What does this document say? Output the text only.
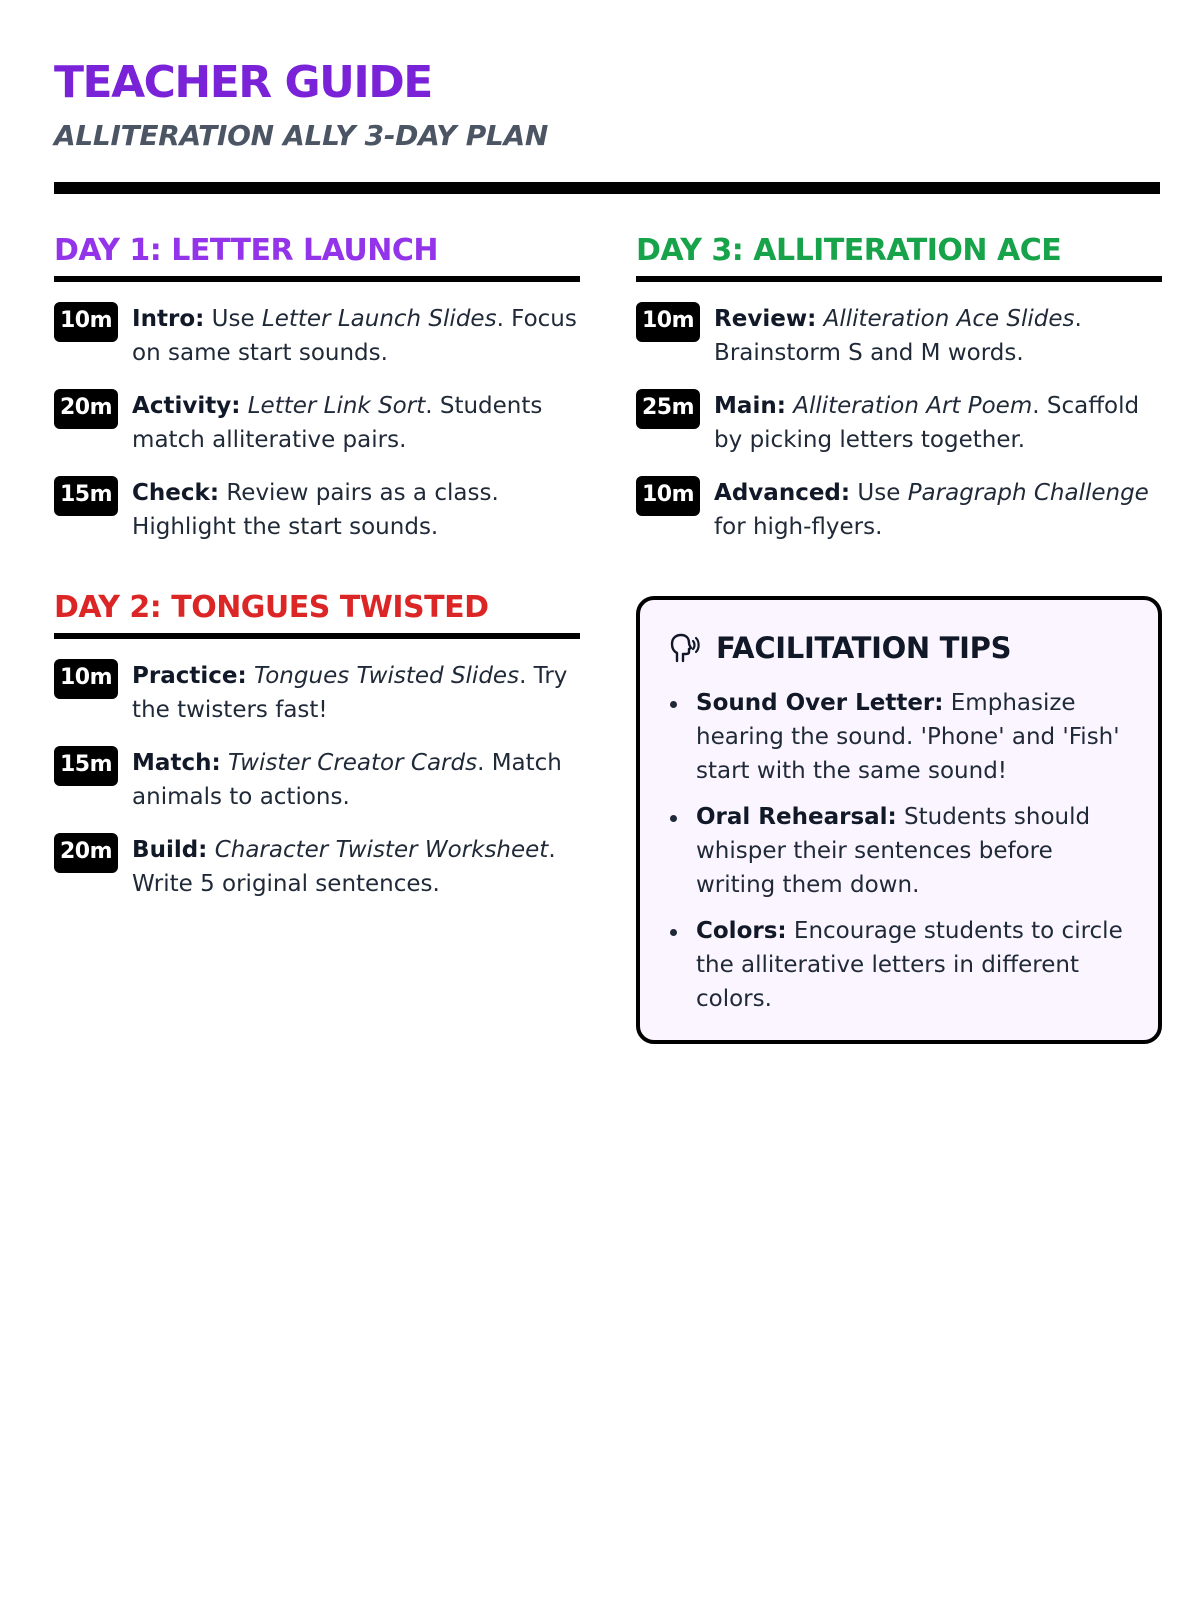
TEACHER GUIDE
ALLITERATION ALLY 3-DAY PLAN
DAY 1: LETTER LAUNCH
10m Intro: Use Letter Launch Slides. Focus on same start sounds.
20m Activity: Letter Link Sort. Students match alliterative pairs.
15m Check: Review pairs as a class. Highlight the start sounds.
DAY 2: TONGUES TWISTED
10m Practice: Tongues Twisted Slides. Try the twisters fast!
15m Match: Twister Creator Cards. Match animals to actions.
20m Build: Character Twister Worksheet. Write 5 original sentences.
DAY 3: ALLITERATION ACE
10m Review: Alliteration Ace Slides. Brainstorm S and M words.
25m Main: Alliteration Art Poem. Scaffold by picking letters together.
10m Advanced: Use Paragraph Challenge for high-flyers.
FACILITATION TIPS
Sound Over Letter: Emphasize hearing the sound. 'Phone' and 'Fish' start with the same sound!
Oral Rehearsal: Students should whisper their sentences before writing them down.
Colors: Encourage students to circle the alliterative letters in different colors.
